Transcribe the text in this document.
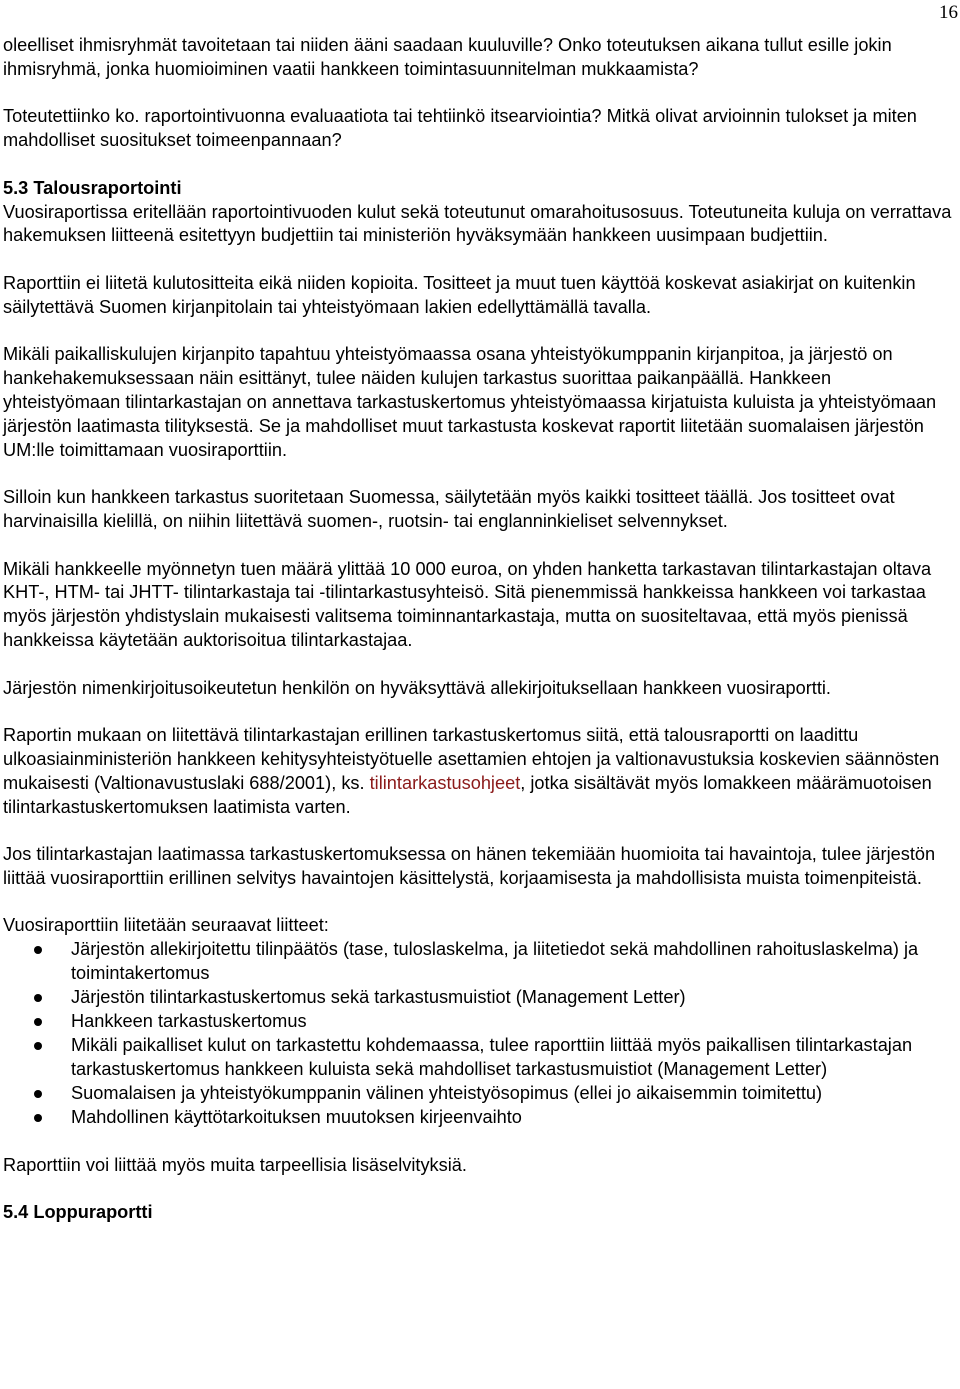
16

oleelliset ihmisryhmät tavoitetaan tai niiden ääni saadaan kuuluville? Onko toteutuksen aikana tullut esille jokin ihmisryhmä, jonka huomioiminen vaatii hankkeen toimintasuunnitelman mukkaamista?

Toteutettiinko ko. raportointivuonna evaluaatiota tai tehtiinkö itsearviointia? Mitkä olivat arvioinnin tulokset ja miten mahdolliset suositukset toimeenpannaan?

5.3 Talousraportointi
Vuosiraportissa eritellään raportointivuoden kulut sekä toteutunut omarahoitusosuus. Toteutuneita kuluja on verrattava hakemuksen liitteenä esitettyyn budjettiin tai ministeriön hyväksymään hankkeen uusimpaan budjettiin.

Raporttiin ei liitetä kulutositteita eikä niiden kopioita. Tositteet ja muut tuen käyttöä koskevat asiakirjat on kuitenkin säilytettävä Suomen kirjanpitolain tai yhteistyömaan lakien edellyttämällä tavalla.

Mikäli paikalliskulujen kirjanpito tapahtuu yhteistyömaassa osana yhteistyökumppanin kirjanpitoa, ja järjestö on hankehakemuksessaan näin esittänyt, tulee näiden kulujen tarkastus suorittaa paikanpäällä. Hankkeen yhteistyömaan tilintarkastajan on annettava tarkastuskertomus yhteistyömaassa kirjatuista kuluista ja yhteistyömaan järjestön laatimasta tilityksestä. Se ja mahdolliset muut tarkastusta koskevat raportit liitetään suomalaisen järjestön UM:lle toimittamaan vuosiraporttiin.

Silloin kun hankkeen tarkastus suoritetaan Suomessa, säilytetään myös kaikki tositteet täällä. Jos tositteet ovat harvinaisilla kielillä, on niihin liitettävä suomen-, ruotsin- tai englanninkieliset selvennykset.

Mikäli hankkeelle myönnetyn tuen määrä ylittää 10 000 euroa, on yhden hanketta tarkastavan tilintarkastajan oltava KHT-, HTM- tai JHTT- tilintarkastaja tai -tilintarkastusyhteisö. Sitä pienemmissä hankkeissa hankkeen voi tarkastaa myös järjestön yhdistyslain mukaisesti valitsema toiminnantarkastaja, mutta on suositeltavaa, että myös pienissä hankkeissa käytetään auktorisoitua tilintarkastajaa.

Järjestön nimenkirjoitusoikeutetun henkilön on hyväksyttävä allekirjoituksellaan hankkeen vuosiraportti.

Raportin mukaan on liitettävä tilintarkastajan erillinen tarkastuskertomus siitä, että talousraportti on laadittu ulkoasiainministeriön hankkeen kehitysyhteistyötuelle asettamien ehtojen ja valtionavustuksia koskevien säännösten mukaisesti (Valtionavustuslaki 688/2001), ks. tilintarkastusohjeet, jotka sisältävät myös lomakkeen määrämuotoisen tilintarkastuskertomuksen laatimista varten.

Jos tilintarkastajan laatimassa tarkastuskertomuksessa on hänen tekemiään huomioita tai havaintoja, tulee järjestön liittää vuosiraporttiin erillinen selvitys havaintojen käsittelystä, korjaamisesta ja mahdollisista muista toimenpiteistä.

Vuosiraporttiin liitetään seuraavat liitteet:
Järjestön allekirjoitettu tilinpäätös (tase, tuloslaskelma, ja liitetiedot sekä mahdollinen rahoituslaskelma) ja toimintakertomus
Järjestön tilintarkastuskertomus sekä tarkastusmuistiot (Management Letter)
Hankkeen tarkastuskertomus
Mikäli paikalliset kulut on tarkastettu kohdemaassa, tulee raporttiin liittää myös paikallisen tilintarkastajan tarkastuskertomus hankkeen kuluista sekä mahdolliset tarkastusmuistiot (Management Letter)
Suomalaisen ja yhteistyökumppanin välinen yhteistyösopimus (ellei jo aikaisemmin toimitettu)
Mahdollinen käyttötarkoituksen muutoksen kirjeenvaihto

Raporttiin voi liittää myös muita tarpeellisia lisäselvityksiä.

5.4 Loppuraportti
